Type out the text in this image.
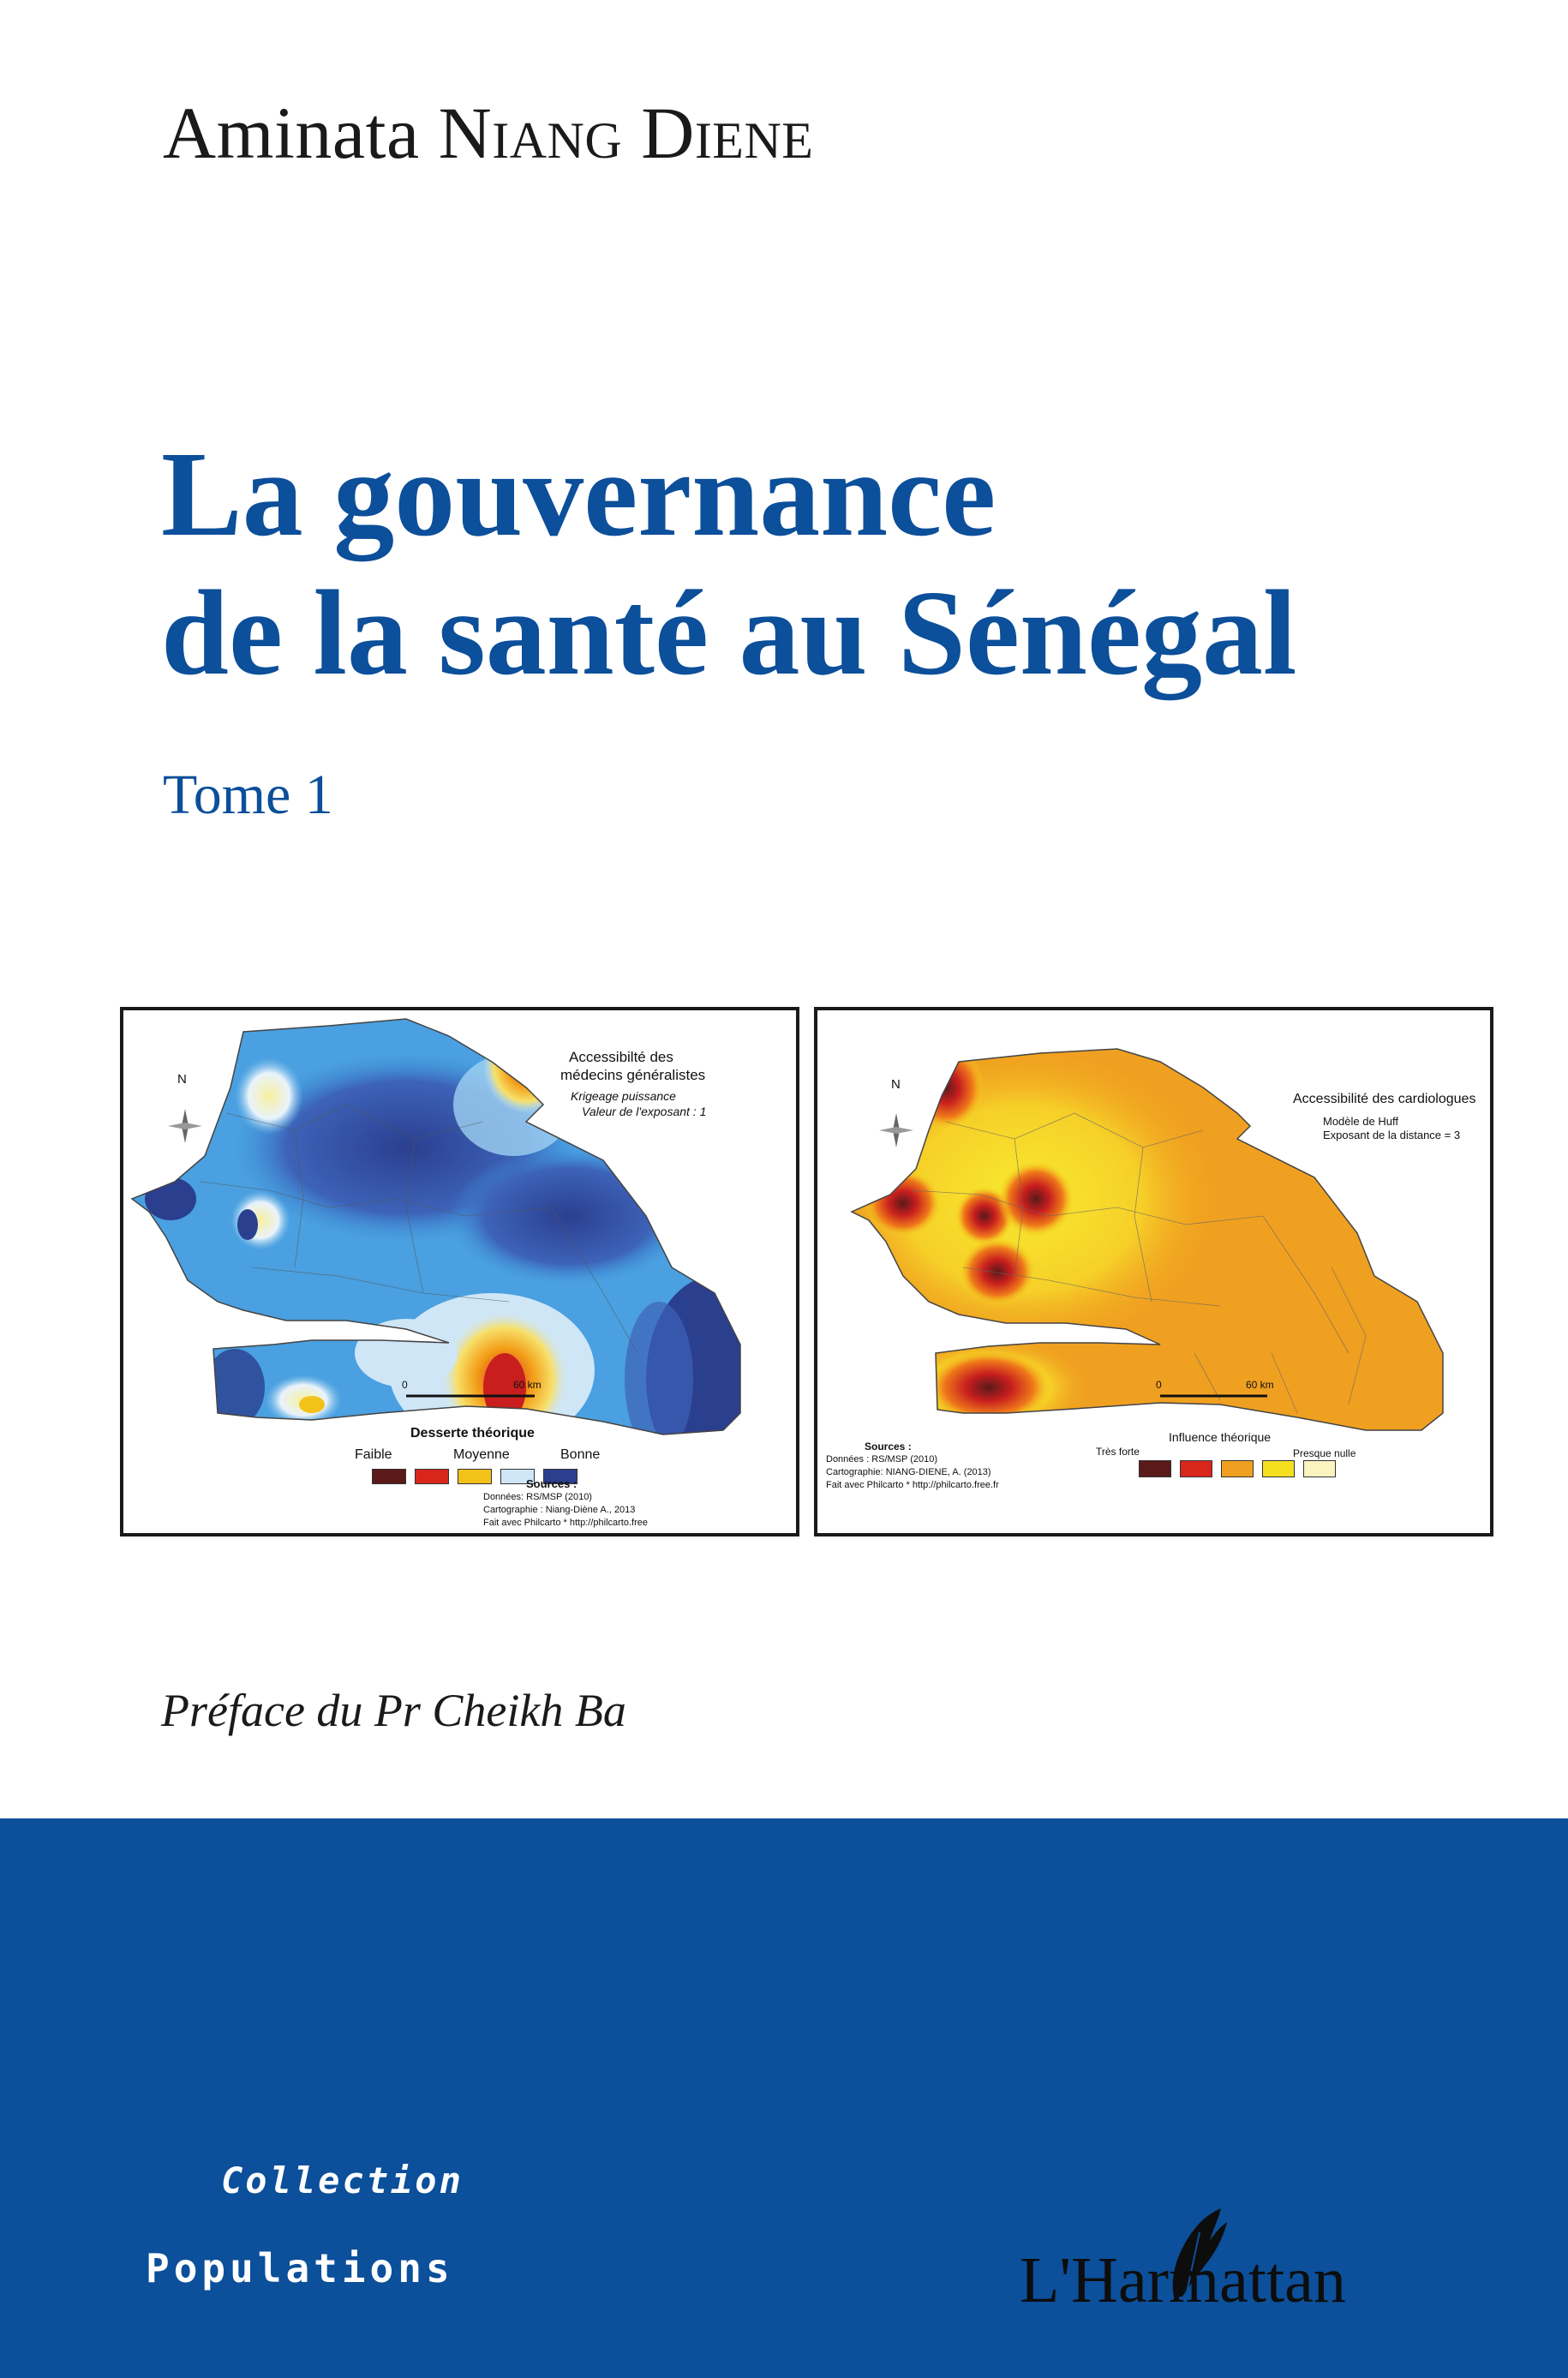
Aminata Niang Diene
La gouvernance
de la santé au Sénégal
Tome 1
N
Accessibilté des
médecins généralistes
Krigeage puissance
Valeur de l'exposant : 1
0	60 km
Desserte théorique
Faible	Moyenne	Bonne
Sources :
Données: RS/MSP (2010)
Cartographie : Niang-Diène A., 2013
Fait avec Philcarto * http://philcarto.free
N
Accessibilité des cardiologues
Modèle de Huff
Exposant de la distance = 3
0	60 km
Sources :
Données : RS/MSP (2010)
Cartographie: NIANG-DIENE, A. (2013)
Fait avec Philcarto * http://philcarto.free.fr
Influence théorique
Très forte	Presque nulle
Préface du Pr Cheikh Ba
Collection
Populations	L'Harmattan
